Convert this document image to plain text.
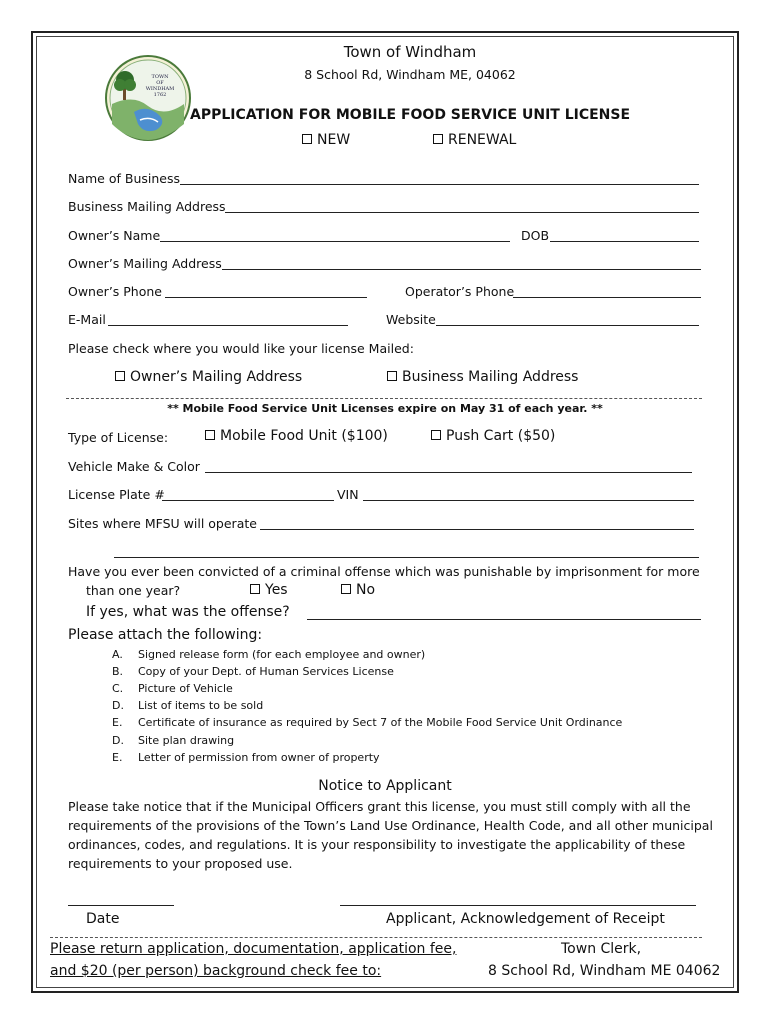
TOWN
OF
WINDHAM
1762
Town of Windham
8 School Rd, Windham ME, 04062
APPLICATION FOR MOBILE FOOD SERVICE UNIT LICENSE
NEW	RENEWAL
Name of Business
Business Mailing Address
Owner’s Name	DOB
Owner’s Mailing Address
Owner’s Phone	Operator’s Phone
E-Mail	Website
Please check where you would like your license Mailed:
Owner’s Mailing Address	Business Mailing Address
** Mobile Food Service Unit Licenses expire on May 31 of each year. **
Type of License:	Mobile Food Unit ($100)	Push Cart ($50)
Vehicle Make & Color
License Plate #	VIN
Sites where MFSU will operate
Have you ever been convicted of a criminal offense which was punishable by imprisonment for more
than one year?	Yes	No
If yes, what was the offense?
Please attach the following:
A. Signed release form (for each employee and owner)
B. Copy of your Dept. of Human Services License
C. Picture of Vehicle
D. List of items to be sold
E. Certificate of insurance as required by Sect 7 of the Mobile Food Service Unit Ordinance
D. Site plan drawing
E. Letter of permission from owner of property
Notice to Applicant
Please take notice that if the Municipal Officers grant this license, you must still comply with all the
requirements of the provisions of the Town’s Land Use Ordinance, Health Code, and all other municipal
ordinances, codes, and regulations. It is your responsibility to investigate the applicability of these
requirements to your proposed use.
Date	Applicant, Acknowledgement of Receipt
Please return application, documentation, application fee,
and $20 (per person) background check fee to:
Town Clerk,
8 School Rd, Windham ME 04062
